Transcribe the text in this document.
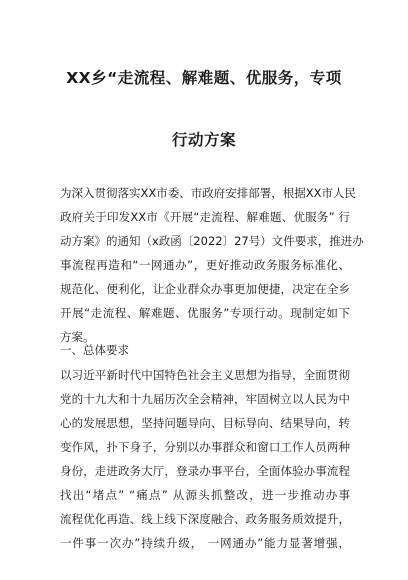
XX乡“走流程、解难题、优服务，专项
行动方案
为深入贯彻落实XX市委、市政府安排部署，根据XX市人民
政府关于印发XX市《开展“走流程、解难题、优服务” 行
动方案》的通知（x政函〔2022〕27号）文件要求，推进办
事流程再造和“一网通办”，更好推动政务服务标准化、
规范化、便利化，让企业群众办事更加便捷，决定在全乡
开展“走流程、解难题、优服务”专项行动。现制定如下
方案。
一、总体要求
以习近平新时代中国特色社会主义思想为指导，全面贯彻
党的十九大和十九届历次全会精神，牢固树立以人民为中
心的发展思想，坚持问题导向、目标导向、结果导向，转
变作风，扑下身子，分别以办事群众和窗口工作人员两种
身份，走进政务大厅，登录办事平台，全面体验办事流程
找出“堵点” “痛点” 从源头抓整改，进一步推动办事
流程优化再造、线上线下深度融合、政务服务质效提升，
一件事一次办”持续升级， 一网通办”能力显著增强，
